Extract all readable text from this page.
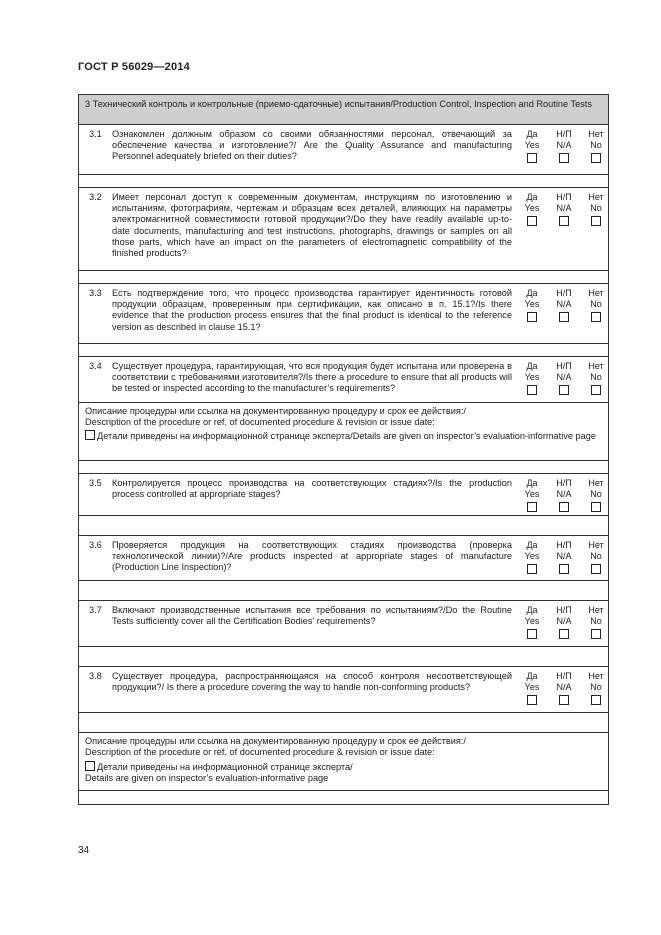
ГОСТ Р 56029—2014
3 Технический контроль и контрольные (приемо-сдаточные) испытания/Production Control, Inspection and Routine Tests
3.1	Ознакомлен должным образом со своими обязанностями персонал, отвечающий за обеспечение качества и изготовление?/ Are the Quality Assurance and manufacturing Personnel adequately briefed on their duties?
Да
Yes
Н/П
N/A
Нет
No
3.2	Имеет персонал доступ к современным документам, инструкциям по изготовлению и испытаниям, фотографиям, чертежам и образцам всех деталей, влияющих на параметры электромагнитной совместимости готовой продукции?/Do they have readily available up-to-date documents, manufacturing and test instructions, photographs, drawings or samples on all those parts, which have an impact on the parameters of electromagnetic compatibility of the finished products?
Да
Yes
Н/П
N/A
Нет
No
3.3	Есть подтверждение того, что процесс производства гарантирует идентичность готовой продукции образцам, проверенным при сертификации, как описано в п. 15.1?/Is there evidence that the production process ensures that the final product is identical to the reference version as described in clause 15.1?
Да
Yes
Н/П
N/A
Нет
No
3.4	Существует процедура, гарантирующая, что вся продукция будет испытана или проверена в соответствии с требованиями изготовителя?/Is there a procedure to ensure that all products will be tested or inspected according to the manufacturer’s requirements?
Да
Yes
Н/П
N/A
Нет
No
Описание процедуры или ссылка на документированную процедуру и срок ее действия:/
Description of the procedure or ref. of documented procedure & revision or issue date:
Детали приведены на информационной странице эксперта/Details are given on inspector’s evaluation-informative page
3.5	Контролируется процесс производства на соответствующих стадиях?/Is the production process controlled at appropriate stages?
Да
Yes
Н/П
N/A
Нет
No
3.6	Проверяется продукция на соответствующих стадиях производства (проверка технологической линии)?/Are products inspected at appropriate stages of manufacture (Production Line Inspection)?
Да
Yes
Н/П
N/A
Нет
No
3.7	Включают производственные испытания все требования по испытаниям?/Do the Routine Tests sufficiently cover all the Certification Bodies’ requirements?
Да
Yes
Н/П
N/A
Нет
No
3.8	Существует процедура, распространяющаяся на способ контроля несоответствующей продукции?/ Is there a procedure covering the way to handle non-conforming products?
Да
Yes
Н/П
N/A
Нет
No
Описание процедуры или ссылка на документированную процедуру и срок ее действия:/
Description of the procedure or ref. of documented procedure & revision or issue date:
Детали приведены на информационной странице эксперта/
Details are given on inspector’s evaluation-informative page
34
